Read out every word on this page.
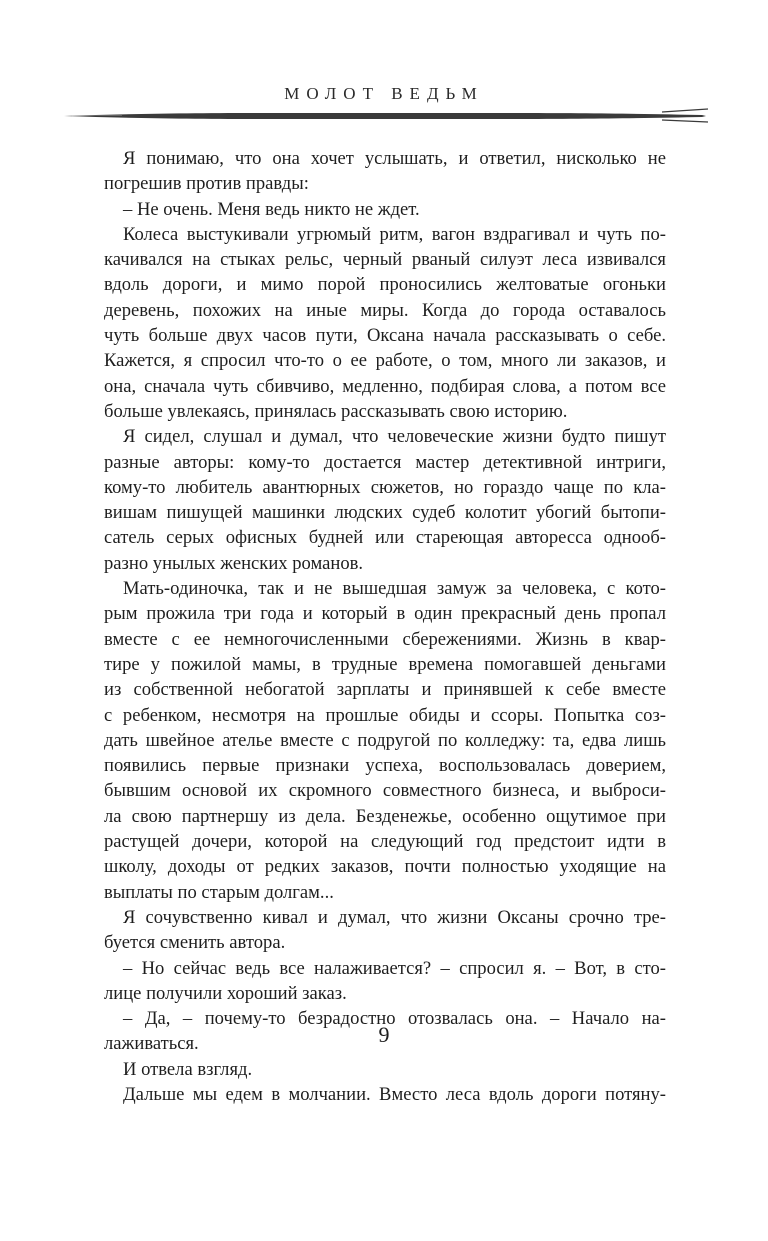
МОЛОТ ВЕДЬМ
Я понимаю, что она хочет услышать, и ответил, нисколько не
погрешив против правды:
– Не очень. Меня ведь никто не ждет.
Колеса выстукивали угрюмый ритм, вагон вздрагивал и чуть по-
качивался на стыках рельс, черный рваный силуэт леса извивался
вдоль дороги, и мимо порой проносились желтоватые огоньки
деревень, похожих на иные миры. Когда до города оставалось
чуть больше двух часов пути, Оксана начала рассказывать о себе.
Кажется, я спросил что-то о ее работе, о том, много ли заказов, и
она, сначала чуть сбивчиво, медленно, подбирая слова, а потом все
больше увлекаясь, принялась рассказывать свою историю.
Я сидел, слушал и думал, что человеческие жизни будто пишут
разные авторы: кому-то достается мастер детективной интриги,
кому-то любитель авантюрных сюжетов, но гораздо чаще по кла-
вишам пишущей машинки людских судеб колотит убогий бытопи-
сатель серых офисных будней или стареющая авторесса однооб-
разно унылых женских романов.
Мать-одиночка, так и не вышедшая замуж за человека, с кото-
рым прожила три года и который в один прекрасный день пропал
вместе с ее немногочисленными сбережениями. Жизнь в квар-
тире у пожилой мамы, в трудные времена помогавшей деньгами
из собственной небогатой зарплаты и принявшей к себе вместе
с ребенком, несмотря на прошлые обиды и ссоры. Попытка соз-
дать швейное ателье вместе с подругой по колледжу: та, едва лишь
появились первые признаки успеха, воспользовалась доверием,
бывшим основой их скромного совместного бизнеса, и выброси-
ла свою партнершу из дела. Безденежье, особенно ощутимое при
растущей дочери, которой на следующий год предстоит идти в
школу, доходы от редких заказов, почти полностью уходящие на
выплаты по старым долгам...
Я сочувственно кивал и думал, что жизни Оксаны срочно тре-
буется сменить автора.
– Но сейчас ведь все налаживается? – спросил я. – Вот, в сто-
лице получили хороший заказ.
– Да, – почему-то безрадостно отозвалась она. – Начало на-
лаживаться.
И отвела взгляд.
Дальше мы едем в молчании. Вместо леса вдоль дороги потяну-
9
